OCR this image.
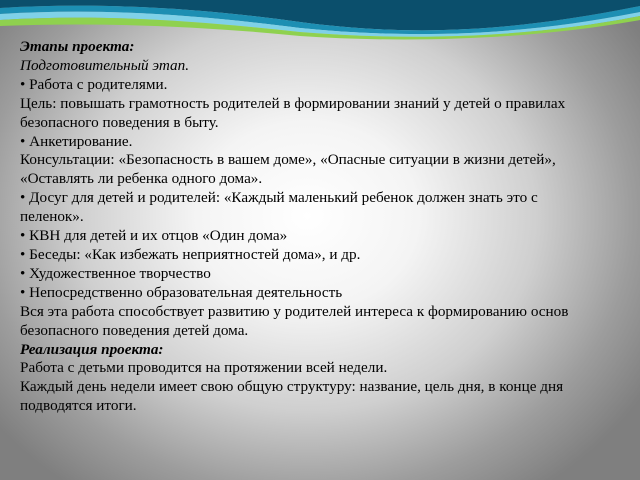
Этапы проекта:
Подготовительный этап.
• Работа с родителями.
Цель: повышать грамотность родителей в формировании знаний у детей о правилах
безопасного поведения в быту.
• Анкетирование.
Консультации: «Безопасность в вашем доме», «Опасные ситуации в жизни детей»,
«Оставлять ли ребенка одного дома».
• Досуг для детей и родителей: «Каждый маленький ребенок должен знать это с
пеленок».
• КВН для детей и их отцов «Один дома»
• Беседы: «Как избежать неприятностей дома», и др.
• Художественное творчество
• Непосредственно образовательная деятельность
Вся эта работа способствует развитию у родителей интереса к формированию основ
безопасного поведения детей дома.
Реализация проекта:
Работа с детьми проводится на протяжении всей недели.
Каждый день недели имеет свою общую структуру: название, цель дня, в конце дня
подводятся итоги.
